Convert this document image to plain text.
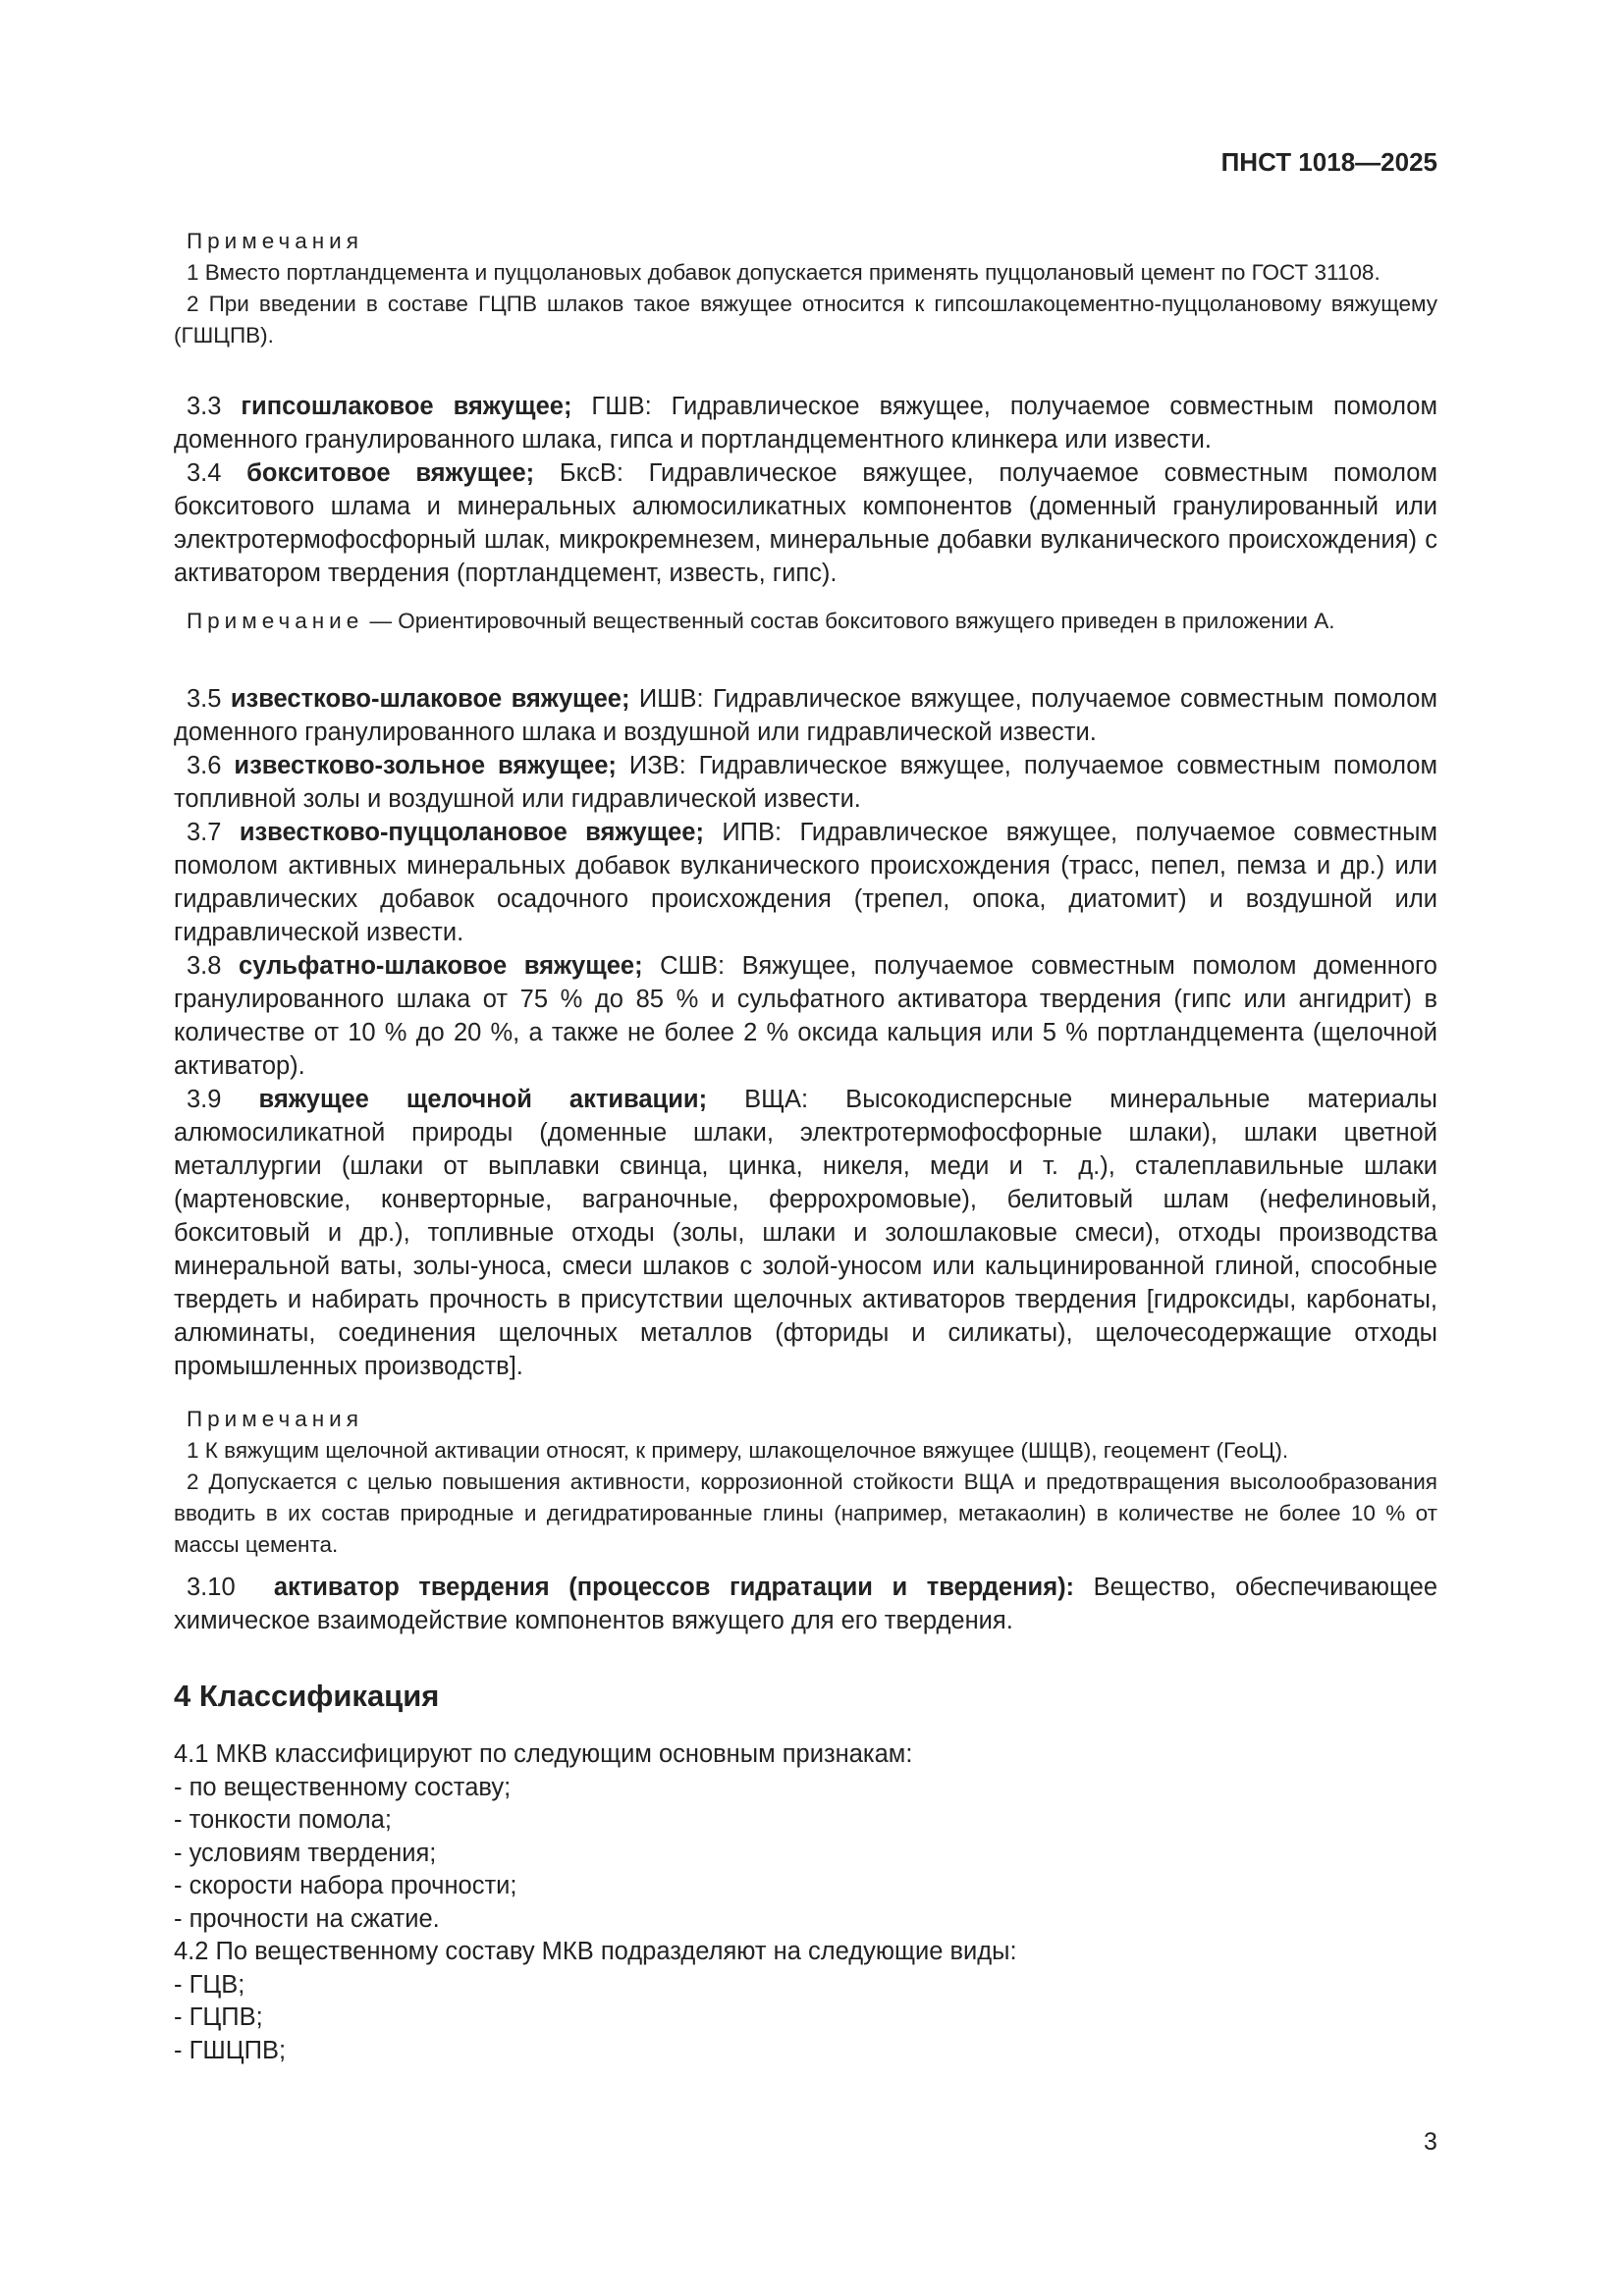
ПНСТ 1018—2025

Примечания

1 Вместо портландцемента и пуццолановых добавок допускается применять пуццолановый цемент по ГОСТ 31108.

2 При введении в составе ГЦПВ шлаков такое вяжущее относится к гипсошлакоцементно-пуццолановому вяжущему (ГШЦПВ).

3.3 гипсошлаковое вяжущее; ГШВ: Гидравлическое вяжущее, получаемое совместным помолом доменного гранулированного шлака, гипса и портландцементного клинкера или извести.

3.4 бокситовое вяжущее; БксВ: Гидравлическое вяжущее, получаемое совместным помолом бокситового шлама и минеральных алюмосиликатных компонентов (доменный гранулированный или электротермофосфорный шлак, микрокремнезем, минеральные добавки вулканического происхождения) с активатором твердения (портландцемент, известь, гипс).

Примечание — Ориентировочный вещественный состав бокситового вяжущего приведен в приложении А.

3.5 известково-шлаковое вяжущее; ИШВ: Гидравлическое вяжущее, получаемое совместным помолом доменного гранулированного шлака и воздушной или гидравлической извести.

3.6 известково-зольное вяжущее; ИЗВ: Гидравлическое вяжущее, получаемое совместным помолом топливной золы и воздушной или гидравлической извести.

3.7 известково-пуццолановое вяжущее; ИПВ: Гидравлическое вяжущее, получаемое совместным помолом активных минеральных добавок вулканического происхождения (трасс, пепел, пемза и др.) или гидравлических добавок осадочного происхождения (трепел, опока, диатомит) и воздушной или гидравлической извести.

3.8 сульфатно-шлаковое вяжущее; СШВ: Вяжущее, получаемое совместным помолом доменного гранулированного шлака от 75 % до 85 % и сульфатного активатора твердения (гипс или ангидрит) в количестве от 10 % до 20 %, а также не более 2 % оксида кальция или 5 % портландцемента (щелочной активатор).

3.9 вяжущее щелочной активации; ВЩА: Высокодисперсные минеральные материалы алюмосиликатной природы (доменные шлаки, электротермофосфорные шлаки), шлаки цветной металлургии (шлаки от выплавки свинца, цинка, никеля, меди и т. д.), сталеплавильные шлаки (мартеновские, конверторные, ваграночные, феррохромовые), белитовый шлам (нефелиновый, бокситовый и др.), топливные отходы (золы, шлаки и золошлаковые смеси), отходы производства минеральной ваты, золы-уноса, смеси шлаков с золой-уносом или кальцинированной глиной, способные твердеть и набирать прочность в присутствии щелочных активаторов твердения [гидроксиды, карбонаты, алюминаты, соединения щелочных металлов (фториды и силикаты), щелочесодержащие отходы промышленных производств].

Примечания

1 К вяжущим щелочной активации относят, к примеру, шлакощелочное вяжущее (ШЩВ), геоцемент (ГеоЦ).

2 Допускается с целью повышения активности, коррозионной стойкости ВЩА и предотвращения высолообразования вводить в их состав природные и дегидратированные глины (например, метакаолин) в количестве не более 10 % от массы цемента.

3.10 активатор твердения (процессов гидратации и твердения): Вещество, обеспечивающее химическое взаимодействие компонентов вяжущего для его твердения.

4 Классификация

4.1 МКВ классифицируют по следующим основным признакам:

- по вещественному составу;

- тонкости помола;

- условиям твердения;

- скорости набора прочности;

- прочности на сжатие.

4.2 По вещественному составу МКВ подразделяют на следующие виды:

- ГЦВ;

- ГЦПВ;

- ГШЦПВ;

3
